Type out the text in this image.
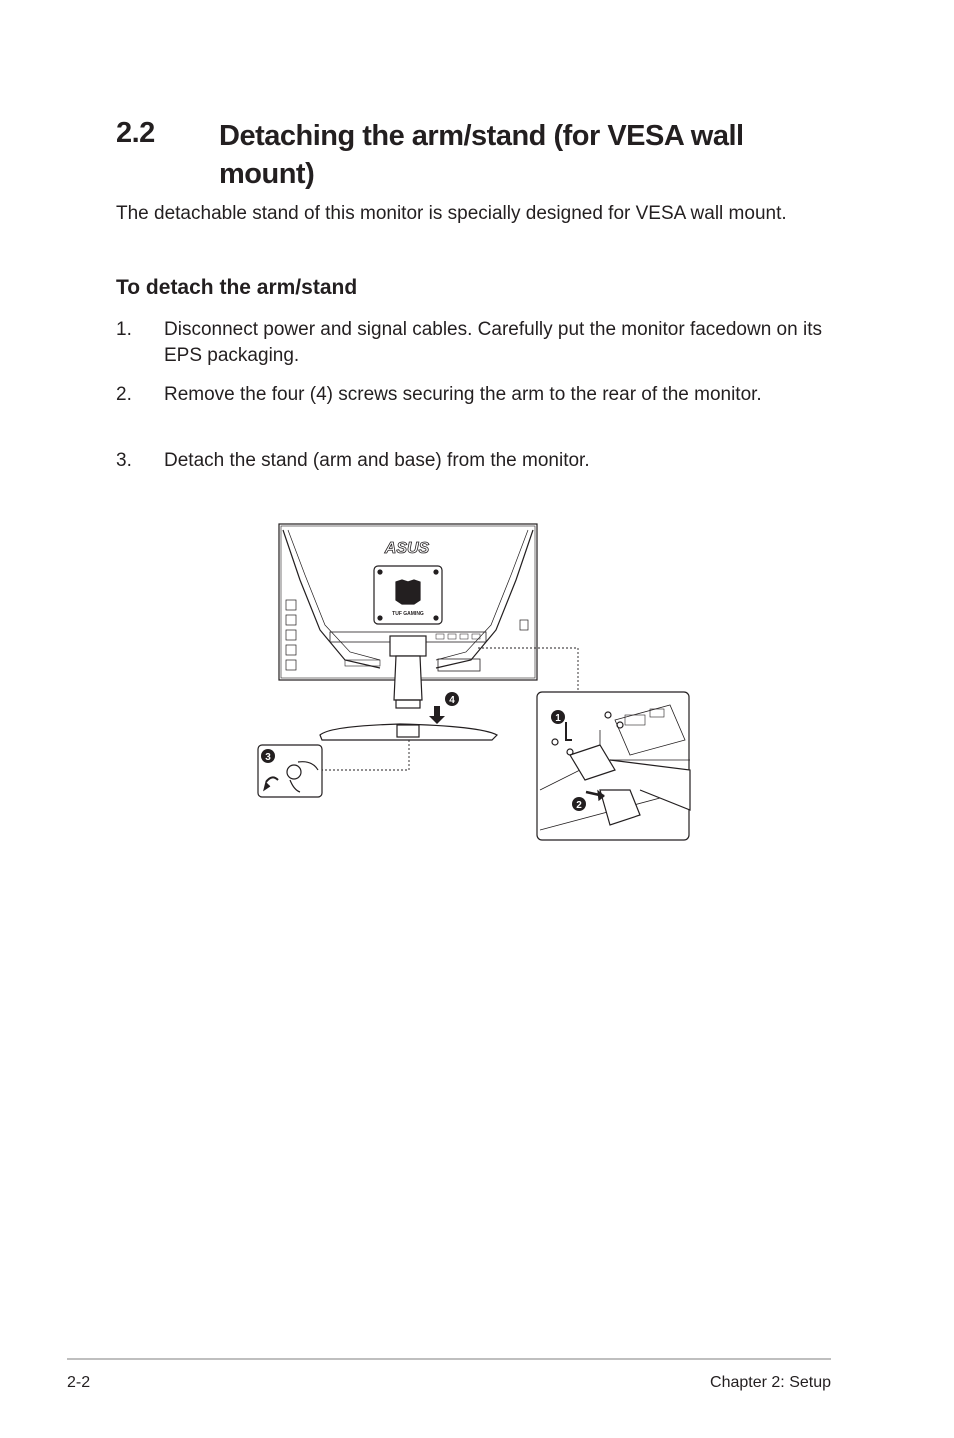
2.2 Detaching the arm/stand (for VESA wall mount)
The detachable stand of this monitor is specially designed for VESA wall mount.
To detach the arm/stand
1. Disconnect power and signal cables. Carefully put the monitor facedown on its EPS packaging.
2. Remove the four (4) screws securing the arm to the rear of the monitor.
3. Detach the stand (arm and base) from the monitor.
ASUS
TUF GAMING
4
3
1
2
2-2	Chapter 2: Setup
